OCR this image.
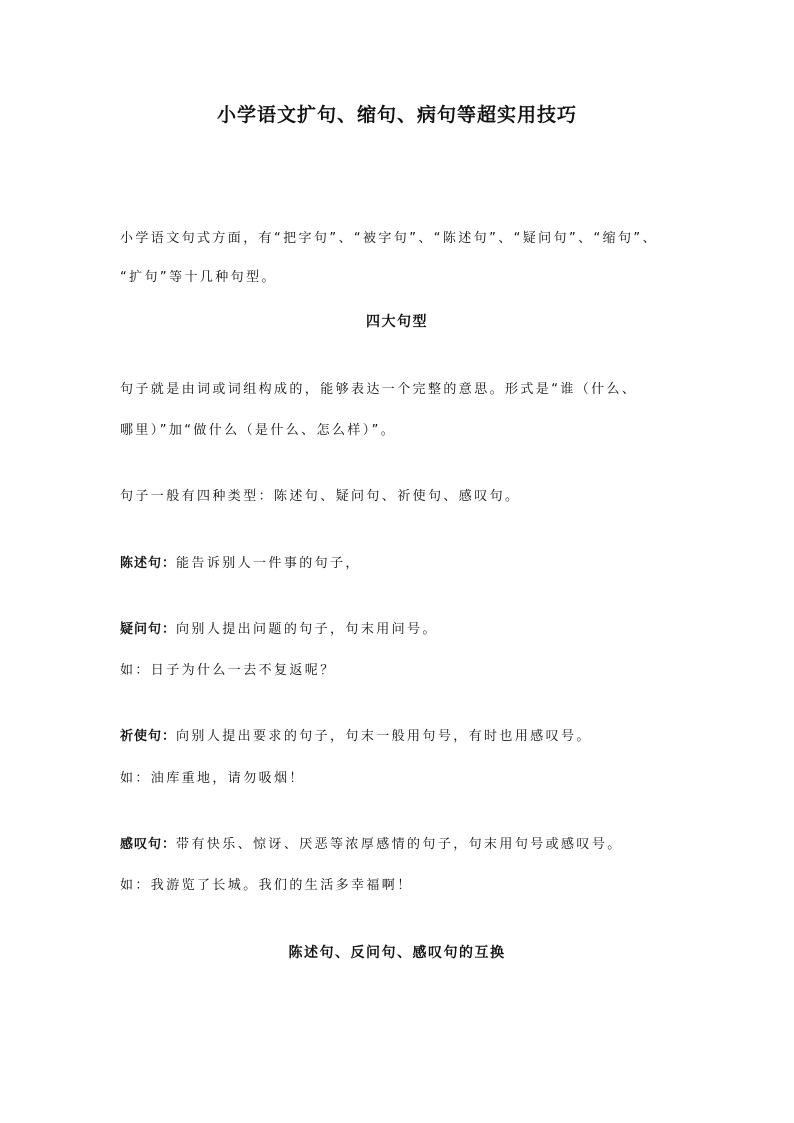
小学语文扩句、缩句、病句等超实用技巧
小学语文句式方面，有“把字句”、“被字句”、“陈述句”、“疑问句”、“缩句”、
“扩句”等十几种句型。
四大句型
句子就是由词或词组构成的，能够表达一个完整的意思。形式是“谁（什么、
哪里）”加“做什么（是什么、怎么样）”。
句子一般有四种类型：陈述句、疑问句、祈使句、感叹句。
陈述句：能告诉别人一件事的句子，
疑问句：向别人提出问题的句子，句末用问号。
如：日子为什么一去不复返呢？
祈使句：向别人提出要求的句子，句末一般用句号，有时也用感叹号。
如：油库重地，请勿吸烟！
感叹句：带有快乐、惊讶、厌恶等浓厚感情的句子，句末用句号或感叹号。
如：我游览了长城。我们的生活多幸福啊！
陈述句、反问句、感叹句的互换
